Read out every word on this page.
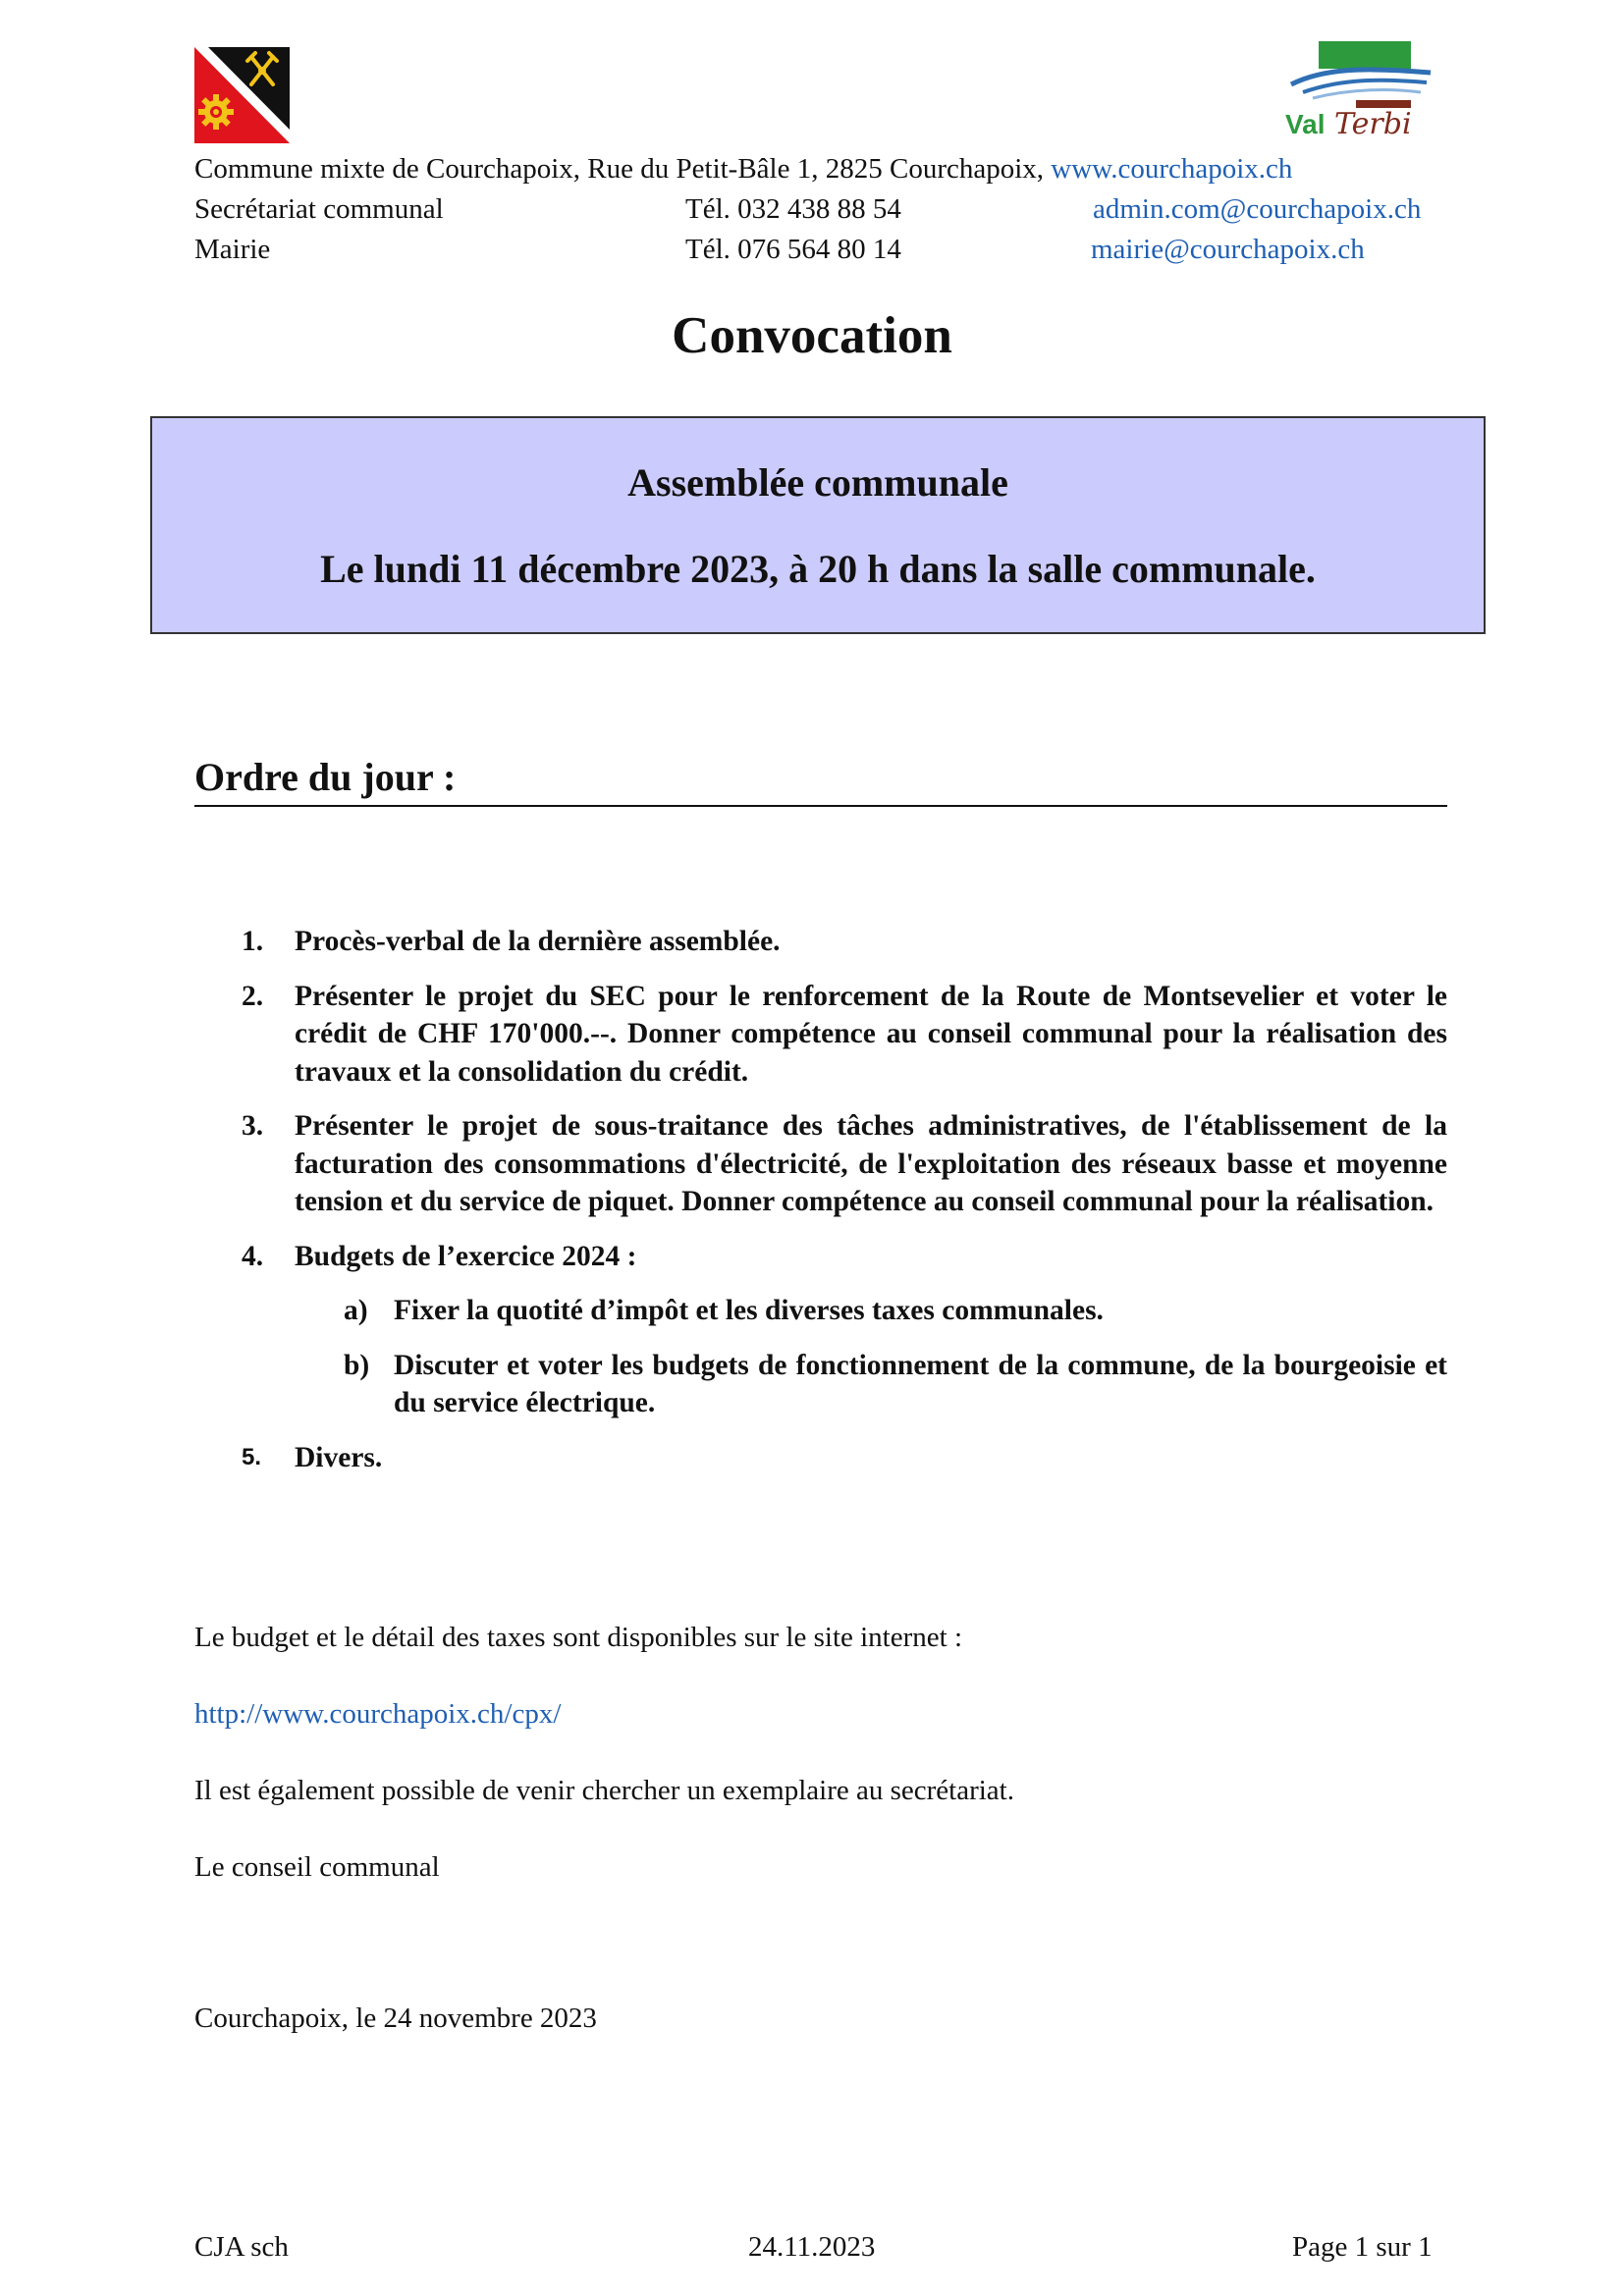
Val Terbi
Commune mixte de Courchapoix, Rue du Petit-Bâle 1, 2825 Courchapoix, www.courchapoix.ch
Secrétariat communal	Tél. 032 438 88 54	admin.com@courchapoix.ch
Mairie	Tél. 076 564 80 14	mairie@courchapoix.ch
Convocation
Assemblée communale
Le lundi 11 décembre 2023, à 20 h dans la salle communale.
Ordre du jour :
1. Procès-verbal de la dernière assemblée.
2. Présenter le projet du SEC pour le renforcement de la Route de Montsevelier et voter le crédit de CHF 170'000.--. Donner compétence au conseil communal pour la réalisation des travaux et la consolidation du crédit.
3. Présenter le projet de sous-traitance des tâches administratives, de l'établissement de la facturation des consommations d'électricité, de l'exploitation des réseaux basse et moyenne tension et du service de piquet. Donner compétence au conseil communal pour la réalisation.
4. Budgets de l’exercice 2024 :
a) Fixer la quotité d’impôt et les diverses taxes communales.
b) Discuter et voter les budgets de fonctionnement de la commune, de la bourgeoisie et du service électrique.
5. Divers.
Le budget et le détail des taxes sont disponibles sur le site internet :
http://www.courchapoix.ch/cpx/
Il est également possible de venir chercher un exemplaire au secrétariat.
Le conseil communal
Courchapoix, le 24 novembre 2023
CJA sch	24.11.2023	Page 1 sur 1
